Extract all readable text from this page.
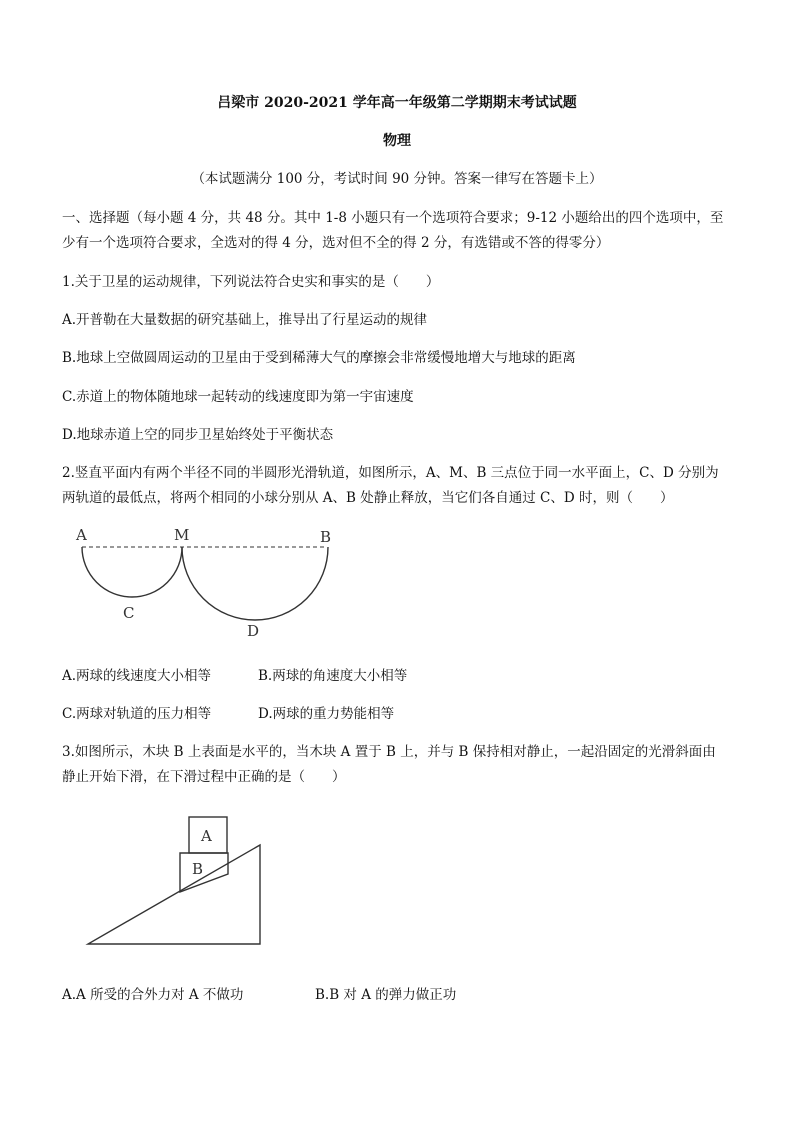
吕梁市 2020-2021 学年高一年级第二学期期末考试试题
物理
（本试题满分 100 分，考试时间 90 分钟。答案一律写在答题卡上）
一、选择题（每小题 4 分，共 48 分。其中 1-8 小题只有一个选项符合要求；9-12 小题给出的四个选项中，至
少有一个选项符合要求，全选对的得 4 分，选对但不全的得 2 分，有选错或不答的得零分）
1.关于卫星的运动规律，下列说法符合史实和事实的是（　　）
A.开普勒在大量数据的研究基础上，推导出了行星运动的规律
B.地球上空做圆周运动的卫星由于受到稀薄大气的摩擦会非常缓慢地增大与地球的距离
C.赤道上的物体随地球一起转动的线速度即为第一宇宙速度
D.地球赤道上空的同步卫星始终处于平衡状态
2.竖直平面内有两个半径不同的半圆形光滑轨道，如图所示，A、M、B 三点位于同一水平面上，C、D 分别为
两轨道的最低点，将两个相同的小球分别从 A、B 处静止释放，当它们各自通过 C、D 时，则（　　）
A	M	B
C
D
A.两球的线速度大小相等	B.两球的角速度大小相等
C.两球对轨道的压力相等	D.两球的重力势能相等
3.如图所示，木块 B 上表面是水平的，当木块 A 置于 B 上，并与 B 保持相对静止，一起沿固定的光滑斜面由
静止开始下滑，在下滑过程中正确的是（　　）
A
B
A.A 所受的合外力对 A 不做功	B.B 对 A 的弹力做正功
